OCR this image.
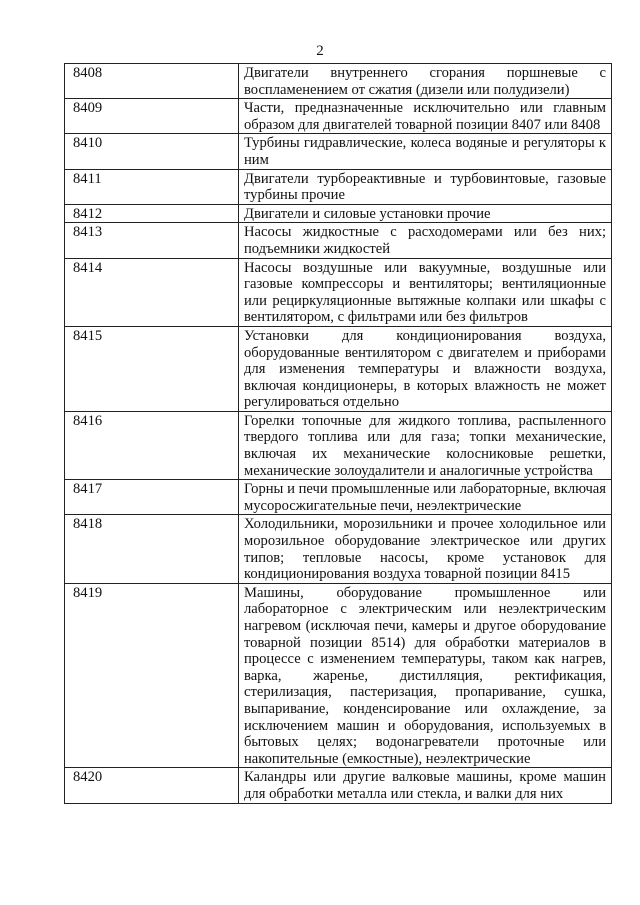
2
8408	Двигатели внутреннего сгорания поршневые с воспламенением от сжатия (дизели или полудизели)
8409	Части, предназначенные исключительно или главным образом для двигателей товарной позиции 8407 или 8408
8410	Турбины гидравлические, колеса водяные и регуляторы к ним
8411	Двигатели турбореактивные и турбовинтовые, газовые турбины прочие
8412	Двигатели и силовые установки прочие
8413	Насосы жидкостные с расходомерами или без них; подъемники жидкостей
8414	Насосы воздушные или вакуумные, воздушные или газовые компрессоры и вентиляторы; вентиляционные или рециркуляционные вытяжные колпаки или шкафы с вентилятором, с фильтрами или без фильтров
8415	Установки для кондиционирования воздуха, оборудованные вентилятором с двигателем и приборами для изменения температуры и влажности воздуха, включая кондиционеры, в которых влажность не может регулироваться отдельно
8416	Горелки топочные для жидкого топлива, распыленного твердого топлива или для газа; топки механические, включая их механические колосниковые решетки, механические золоудалители и аналогичные устройства
8417	Горны и печи промышленные или лабораторные, включая мусоросжигательные печи, неэлектрические
8418	Холодильники, морозильники и прочее холодильное или морозильное оборудование электрическое или других типов; тепловые насосы, кроме установок для кондиционирования воздуха товарной позиции 8415
8419	Машины, оборудование промышленное или лабораторное с электрическим или неэлектрическим нагревом (исключая печи, камеры и другое оборудование товарной позиции 8514) для обработки материалов в процессе с изменением температуры, таком как нагрев, варка, жаренье, дистилляция, ректификация, стерилизация, пастеризация, пропаривание, сушка, выпаривание, конденсирование или охлаждение, за исключением машин и оборудования, используемых в бытовых целях; водонагреватели проточные или накопительные (емкостные), неэлектрические
8420	Каландры или другие валковые машины, кроме машин для обработки металла или стекла, и валки для них
